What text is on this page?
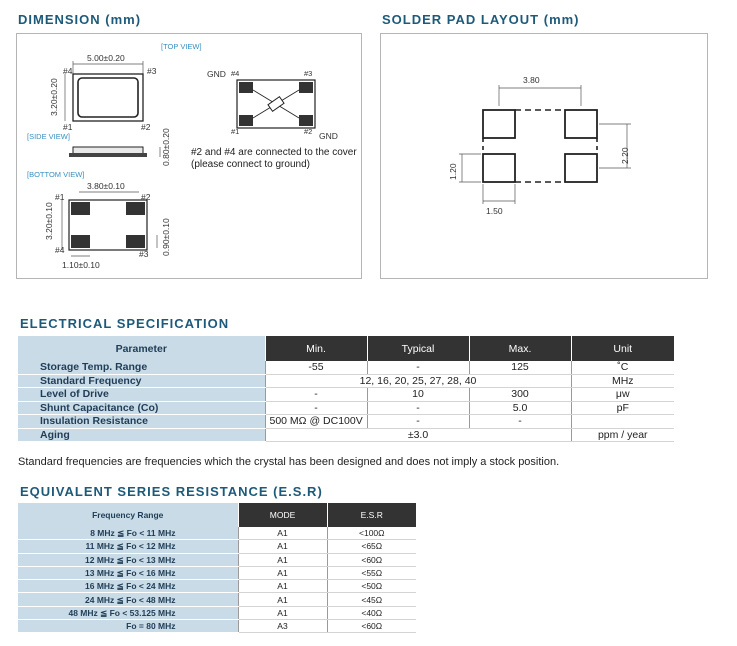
DIMENSION (mm)
[TOP VIEW]
5.00±0.20
#4	#3
#1	#2
3.20±0.20
[SIDE VIEW]	0.80±0.20
[BOTTOM VIEW]
3.80±0.10
#1	#2
#4	#3
3.20±0.10	0.90±0.10
1.10±0.10
GND #4	#3
#1	#2 GND
#2 and #4 are connected to the cover
(please connect to ground)
SOLDER PAD LAYOUT (mm)
3.80
2.20
1.20
1.50
ELECTRICAL SPECIFICATION
Parameter	Min.	Typical	Max.	Unit
Storage Temp. Range	-55	-	125	˚C
Standard Frequency	12, 16, 20, 25, 27, 28, 40			MHz
Level of Drive	-	10	300	μw
Shunt Capacitance (Co)	-	-	5.0	pF
Insulation Resistance	500 MΩ @ DC100V	-	-	
Aging	±3.0			ppm / year
Standard frequencies are frequencies which the crystal has been designed and does not imply a stock position.
EQUIVALENT SERIES RESISTANCE (E.S.R)
Frequency Range	MODE	E.S.R
8 MHz ≦ Fo < 11 MHz	A1	<100Ω
11 MHz ≦ Fo < 12 MHz	A1	<65Ω
12 MHz ≦ Fo < 13 MHz	A1	<60Ω
13 MHz ≦ Fo < 16 MHz	A1	<55Ω
16 MHz ≦ Fo < 24 MHz	A1	<50Ω
24 MHz ≦ Fo < 48 MHz	A1	<45Ω
48 MHz ≦ Fo < 53.125 MHz	A1	<40Ω
Fo = 80 MHz	A3	<60Ω
